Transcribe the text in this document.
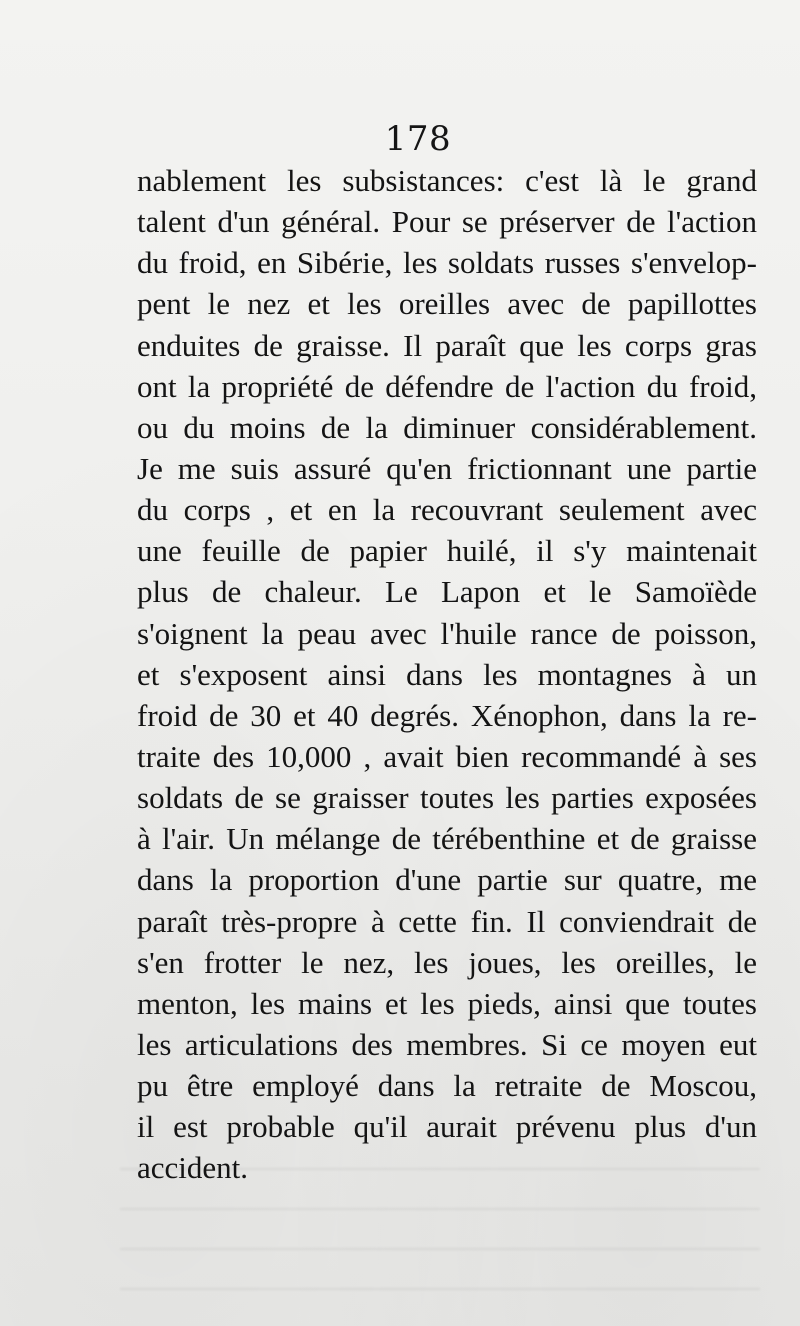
178
nablement les subsistances: c'est là le grand
talent d'un général. Pour se préserver de l'action
du froid, en Sibérie, les soldats russes s'envelop-
pent le nez et les oreilles avec de papillottes
enduites de graisse. Il paraît que les corps gras
ont la propriété de défendre de l'action du froid,
ou du moins de la diminuer considérablement.
Je me suis assuré qu'en frictionnant une partie
du corps , et en la recouvrant seulement avec
une feuille de papier huilé, il s'y maintenait
plus de chaleur. Le Lapon et le Samoïède
s'oignent la peau avec l'huile rance de poisson,
et s'exposent ainsi dans les montagnes à un
froid de 30 et 40 degrés. Xénophon, dans la re-
traite des 10,000 , avait bien recommandé à ses
soldats de se graisser toutes les parties exposées
à l'air. Un mélange de térébenthine et de graisse
dans la proportion d'une partie sur quatre, me
paraît très-propre à cette fin. Il conviendrait de
s'en frotter le nez, les joues, les oreilles, le
menton, les mains et les pieds, ainsi que toutes
les articulations des membres. Si ce moyen eut
pu être employé dans la retraite de Moscou,
il est probable qu'il aurait prévenu plus d'un
accident.
